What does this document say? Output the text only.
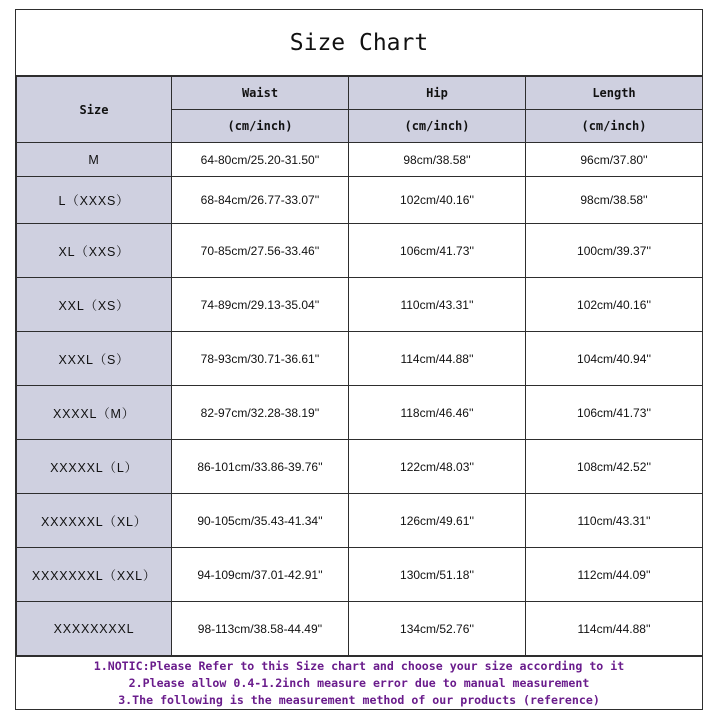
Size Chart
Size	Waist	Hip	Length
	(cm/inch)	(cm/inch)	(cm/inch)
M	64-80cm/25.20-31.50''	98cm/38.58''	96cm/37.80''
L（XXXS）	68-84cm/26.77-33.07''	102cm/40.16''	98cm/38.58''
XL（XXS）	70-85cm/27.56-33.46''	106cm/41.73''	100cm/39.37''
XXL（XS）	74-89cm/29.13-35.04''	110cm/43.31''	102cm/40.16''
XXXL（S）	78-93cm/30.71-36.61''	114cm/44.88''	104cm/40.94''
XXXXL（M）	82-97cm/32.28-38.19''	118cm/46.46''	106cm/41.73''
XXXXXL（L）	86-101cm/33.86-39.76''	122cm/48.03''	108cm/42.52''
XXXXXXL（XL）	90-105cm/35.43-41.34''	126cm/49.61''	110cm/43.31''
XXXXXXXL（XXL）	94-109cm/37.01-42.91''	130cm/51.18''	112cm/44.09''
XXXXXXXXL	98-113cm/38.58-44.49''	134cm/52.76''	114cm/44.88''
1.NOTIC:Please Refer to this Size chart and choose your size according to it
2.Please allow 0.4-1.2inch measure error due to manual measurement
3.The following is the measurement method of our products (reference)
